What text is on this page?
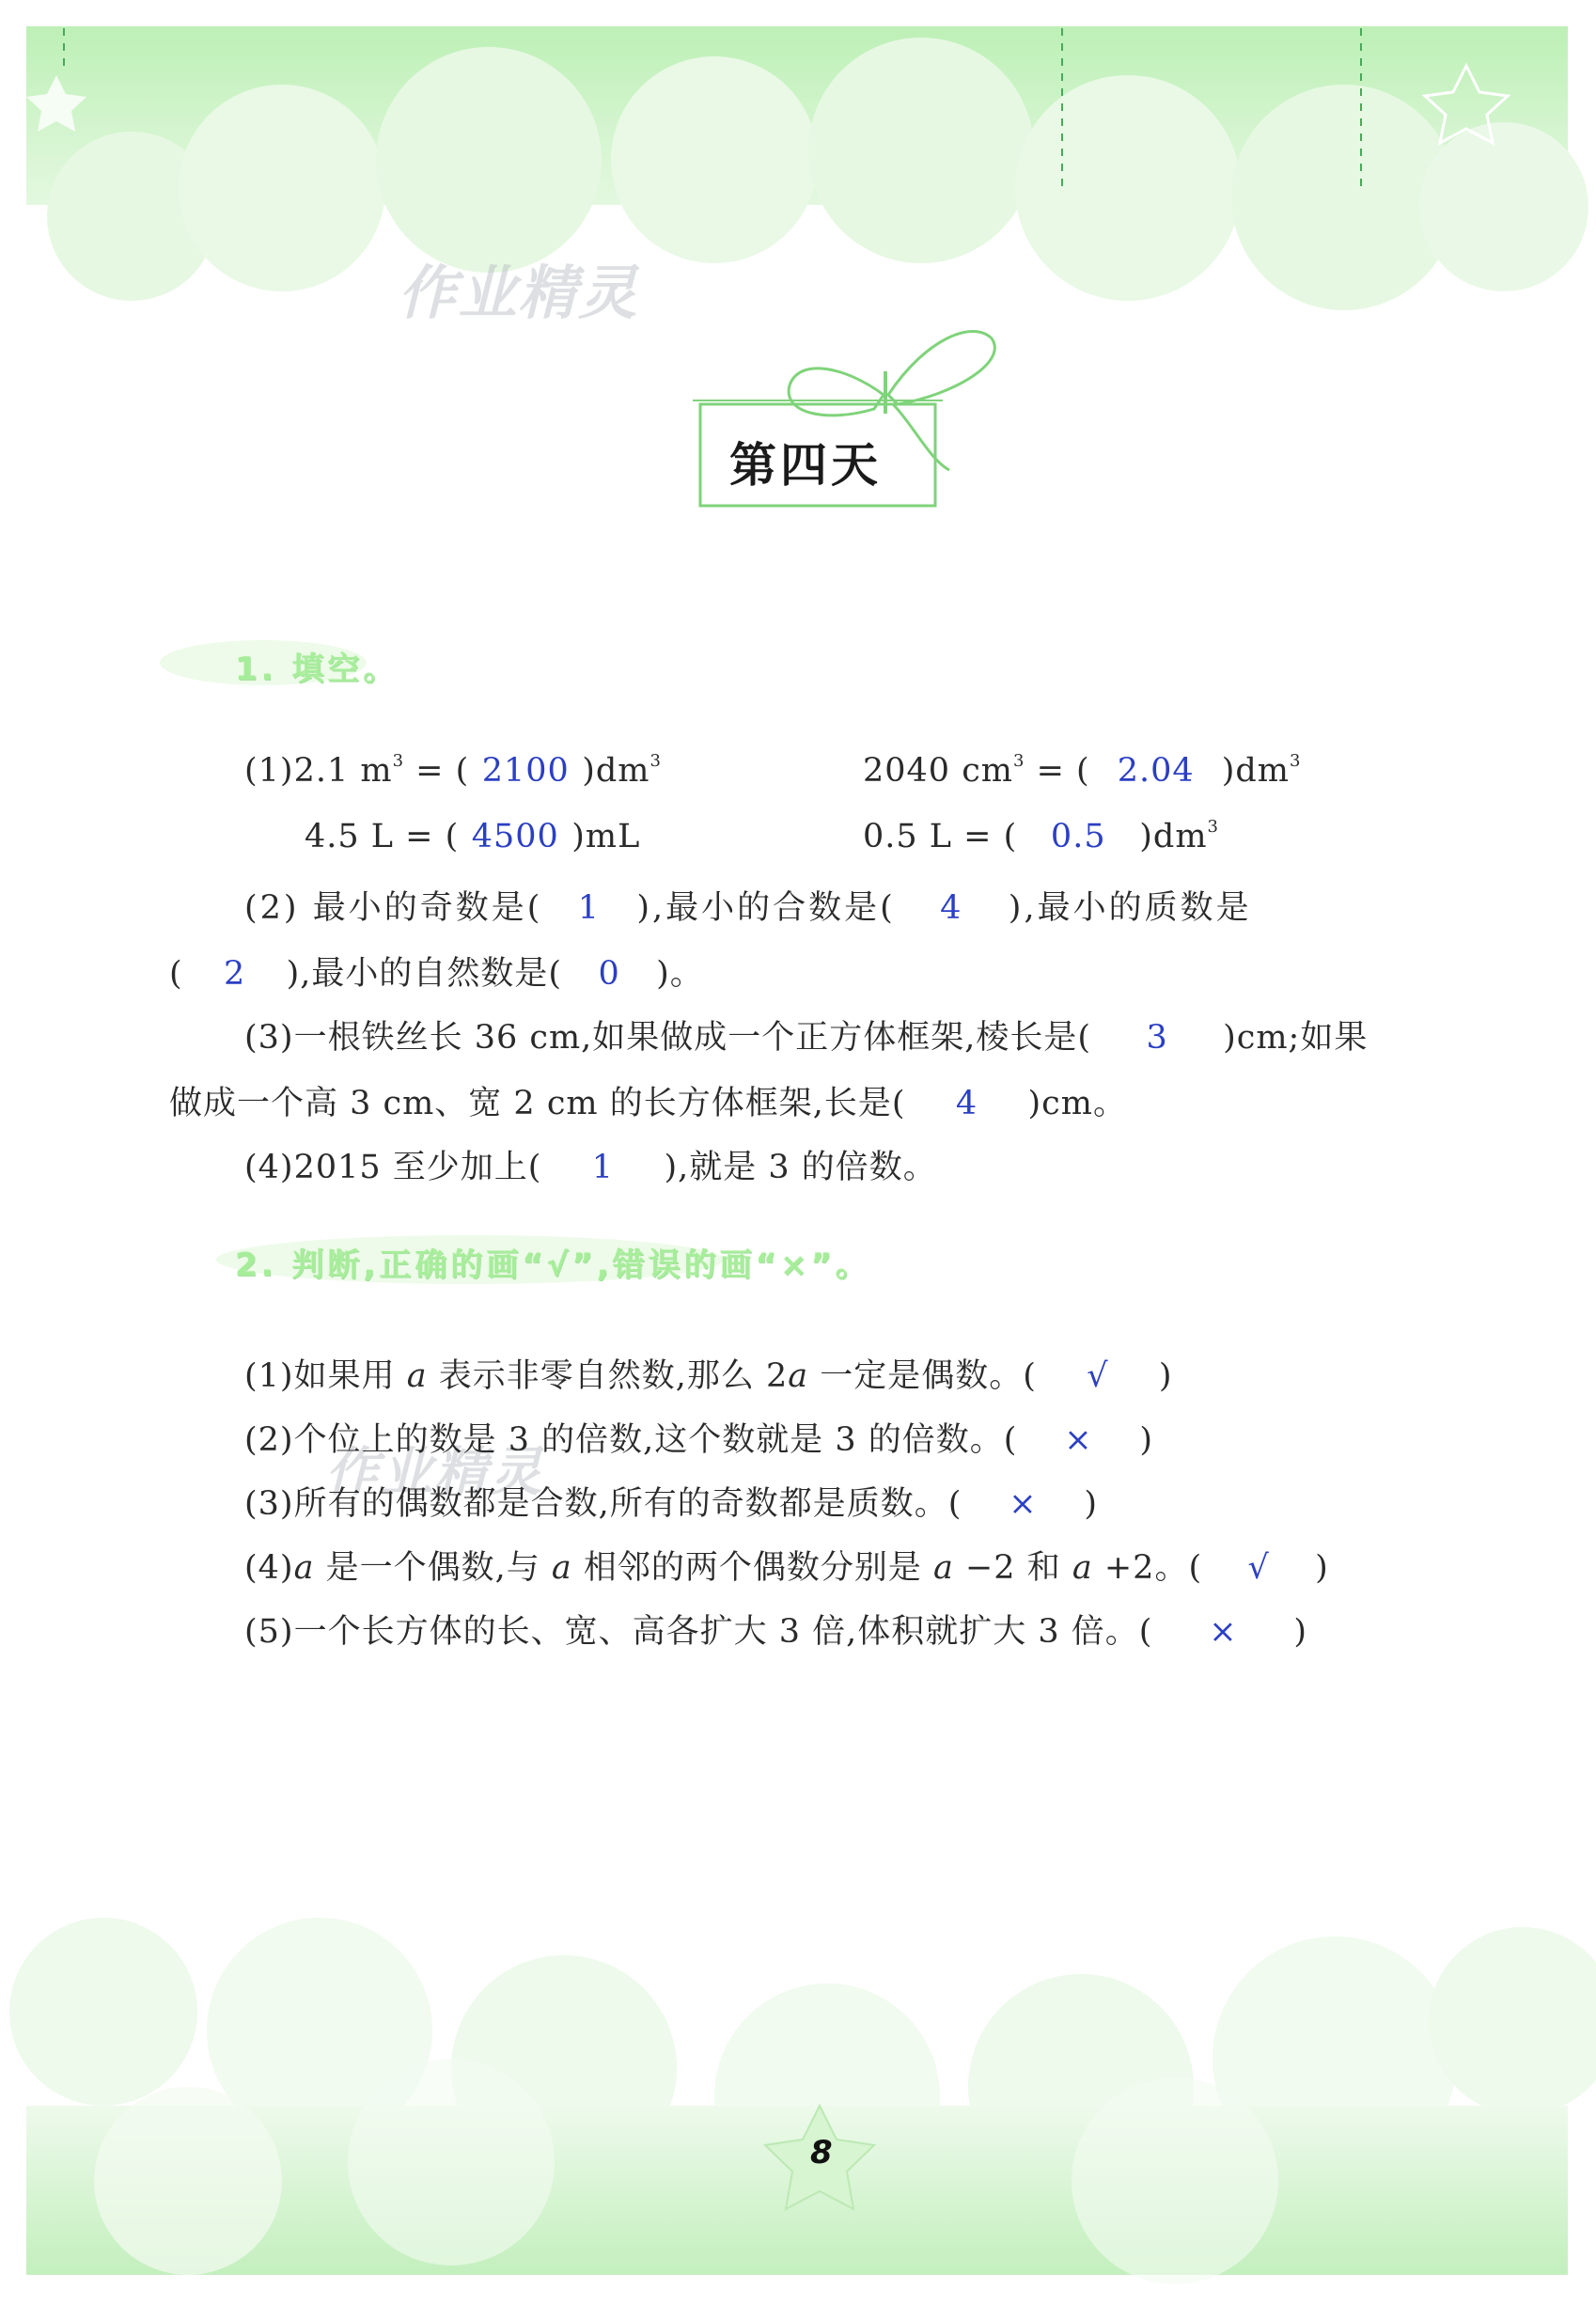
作业精灵
作业精灵
第四天
1. 填空。
(1)2.1 $m^3$ = ( 2100 )$dm^3$	2040 $cm^3$ = ( 2.04 )$dm^3$
4.5 L = ( 4500 )mL	0.5 L = ( 0.5 )$dm^3$
(2) 最小的奇数是( 1 ),最小的合数是( 4 ),最小的质数是
( 2 ),最小的自然数是( 0 )。
(3)一根铁丝长 36 cm,如果做成一个正方体框架,棱长是( 3 )cm;如果
做成一个高 3 cm、宽 2 cm 的长方体框架,长是( 4 )cm。
(4)2015 至少加上( 1 ),就是 3 的倍数。
2. 判断,正确的画“√”,错误的画“×”。
(1)如果用 a 表示非零自然数,那么 2a 一定是偶数。( √ )
(2)个位上的数是 3 的倍数,这个数就是 3 的倍数。( × )
(3)所有的偶数都是合数,所有的奇数都是质数。( × )
(4)a 是一个偶数,与 a 相邻的两个偶数分别是 a −2 和 a +2。( √ )
(5)一个长方体的长、宽、高各扩大 3 倍,体积就扩大 3 倍。( × )
8
